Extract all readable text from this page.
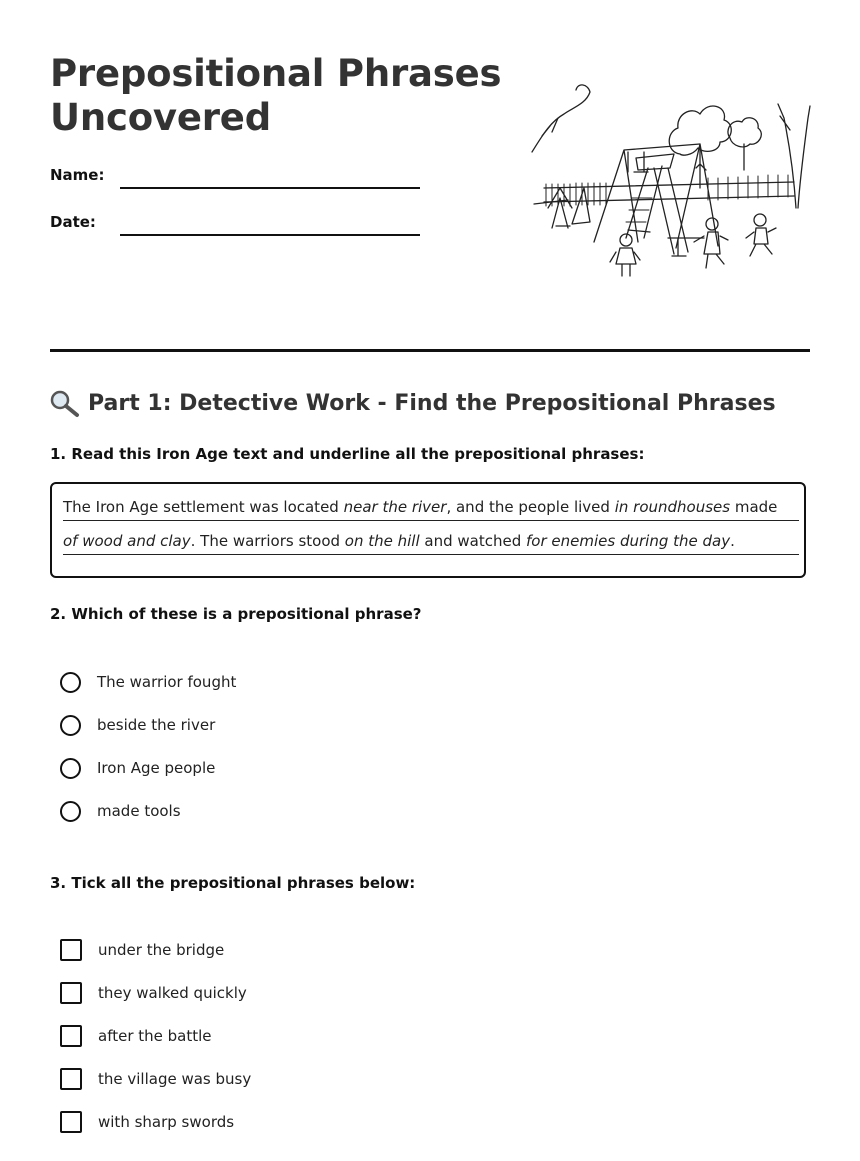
Prepositional Phrases
Uncovered
Name:
Date:
Part 1: Detective Work - Find the Prepositional Phrases

1. Read this Iron Age text and underline all the prepositional phrases:

The Iron Age settlement was located near the river, and the people lived in roundhouses made
of wood and clay. The warriors stood on the hill and watched for enemies during the day.

2. Which of these is a prepositional phrase?

The warrior fought
beside the river
Iron Age people
made tools

3. Tick all the prepositional phrases below:

under the bridge
they walked quickly
after the battle
the village was busy
with sharp swords
